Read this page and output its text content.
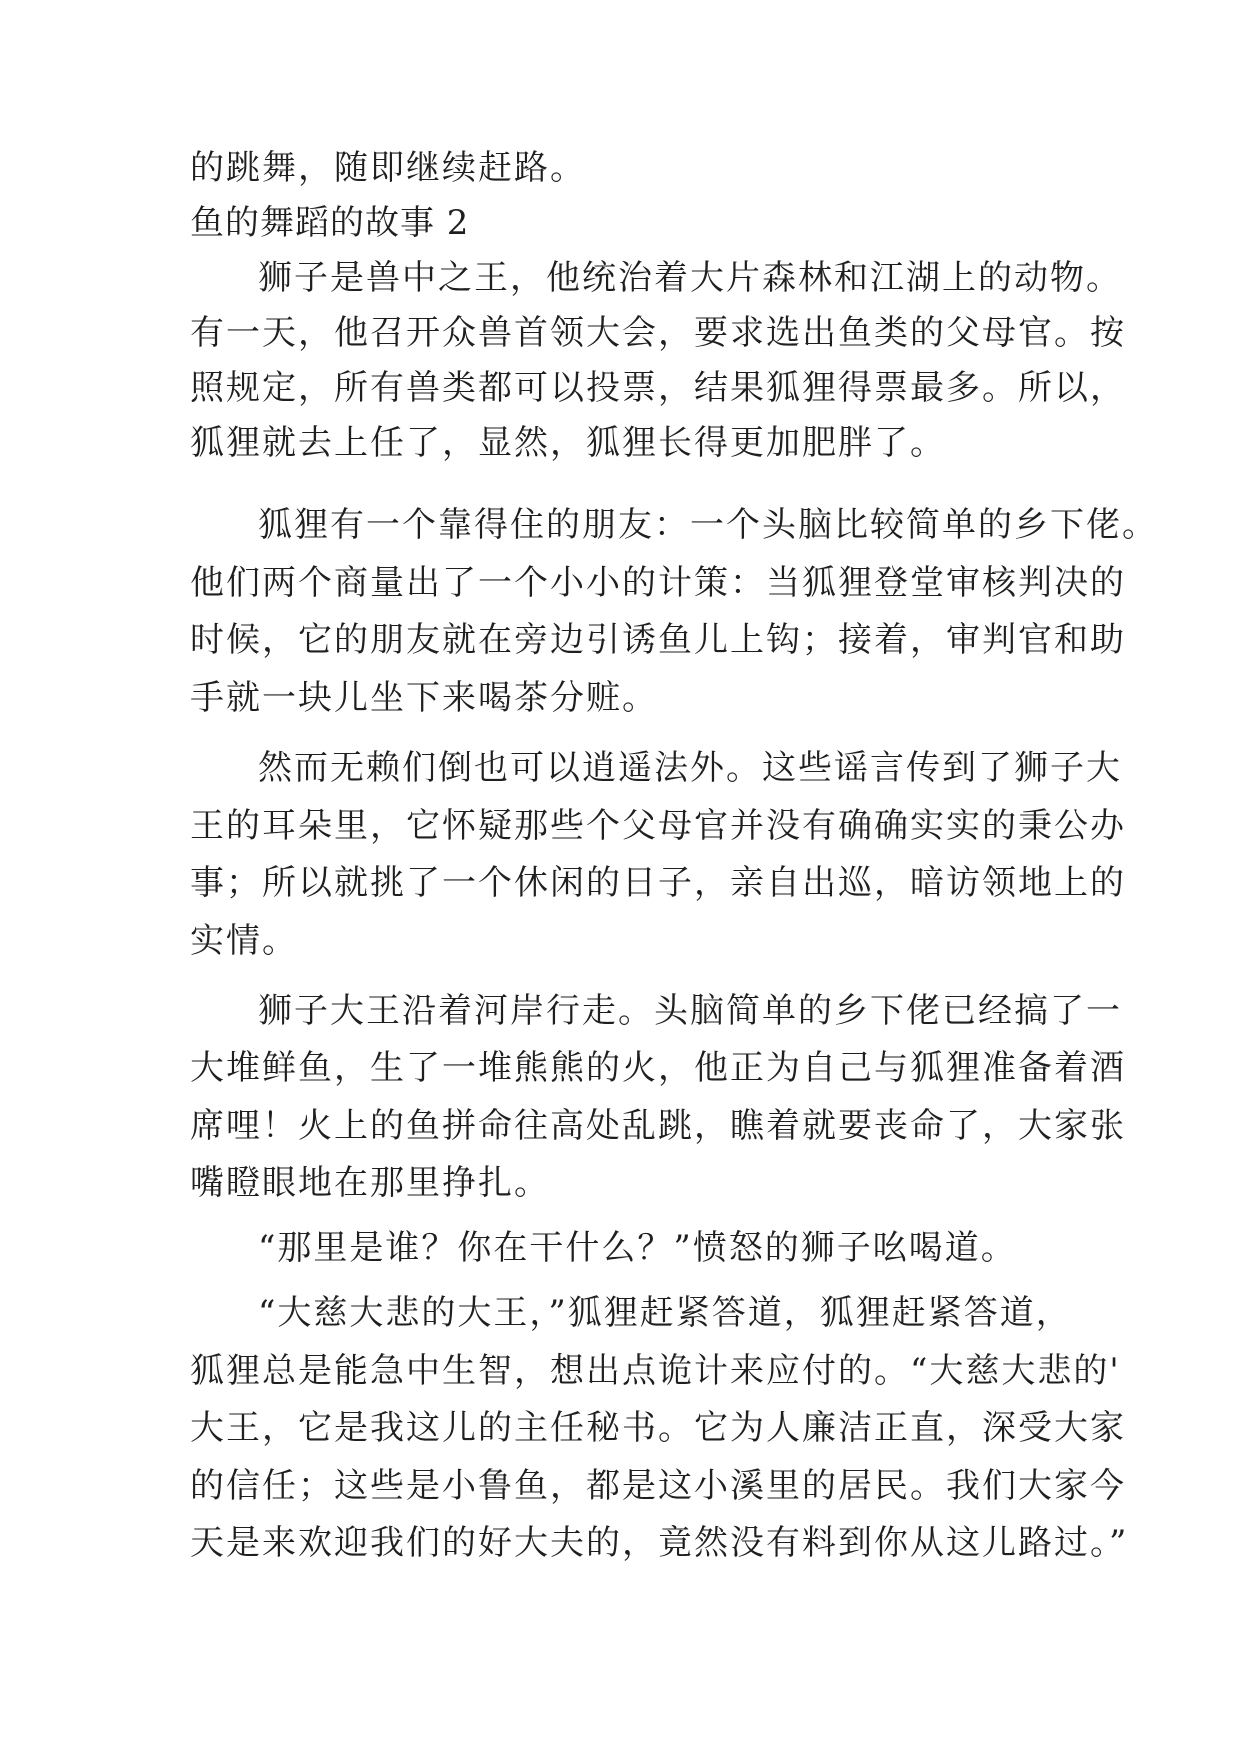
的跳舞，随即继续赶路。

鱼的舞蹈的故事 2

狮子是兽中之王，他统治着大片森林和江湖上的动物。

有一天，他召开众兽首领大会，要求选出鱼类的父母官。按

照规定，所有兽类都可以投票，结果狐狸得票最多。所以，

狐狸就去上任了，显然，狐狸长得更加肥胖了。

狐狸有一个靠得住的朋友：一个头脑比较简单的乡下佬。

他们两个商量出了一个小小的计策：当狐狸登堂审核判决的

时候，它的朋友就在旁边引诱鱼儿上钩；接着，审判官和助

手就一块儿坐下来喝茶分赃。

然而无赖们倒也可以逍遥法外。这些谣言传到了狮子大

王的耳朵里，它怀疑那些个父母官并没有确确实实的秉公办

事；所以就挑了一个休闲的日子，亲自出巡，暗访领地上的

实情。

狮子大王沿着河岸行走。头脑简单的乡下佬已经搞了一

大堆鲜鱼，生了一堆熊熊的火，他正为自己与狐狸准备着酒

席哩！火上的鱼拼命往高处乱跳，瞧着就要丧命了，大家张

嘴瞪眼地在那里挣扎。

“那里是谁？你在干什么？”愤怒的狮子吆喝道。

“大慈大悲的大王，”狐狸赶紧答道，狐狸赶紧答道，

狐狸总是能急中生智，想出点诡计来应付的。“大慈大悲的'

大王，它是我这儿的主任秘书。它为人廉洁正直，深受大家

的信任；这些是小鲁鱼，都是这小溪里的居民。我们大家今

天是来欢迎我们的好大夫的，竟然没有料到你从这儿路过。”
